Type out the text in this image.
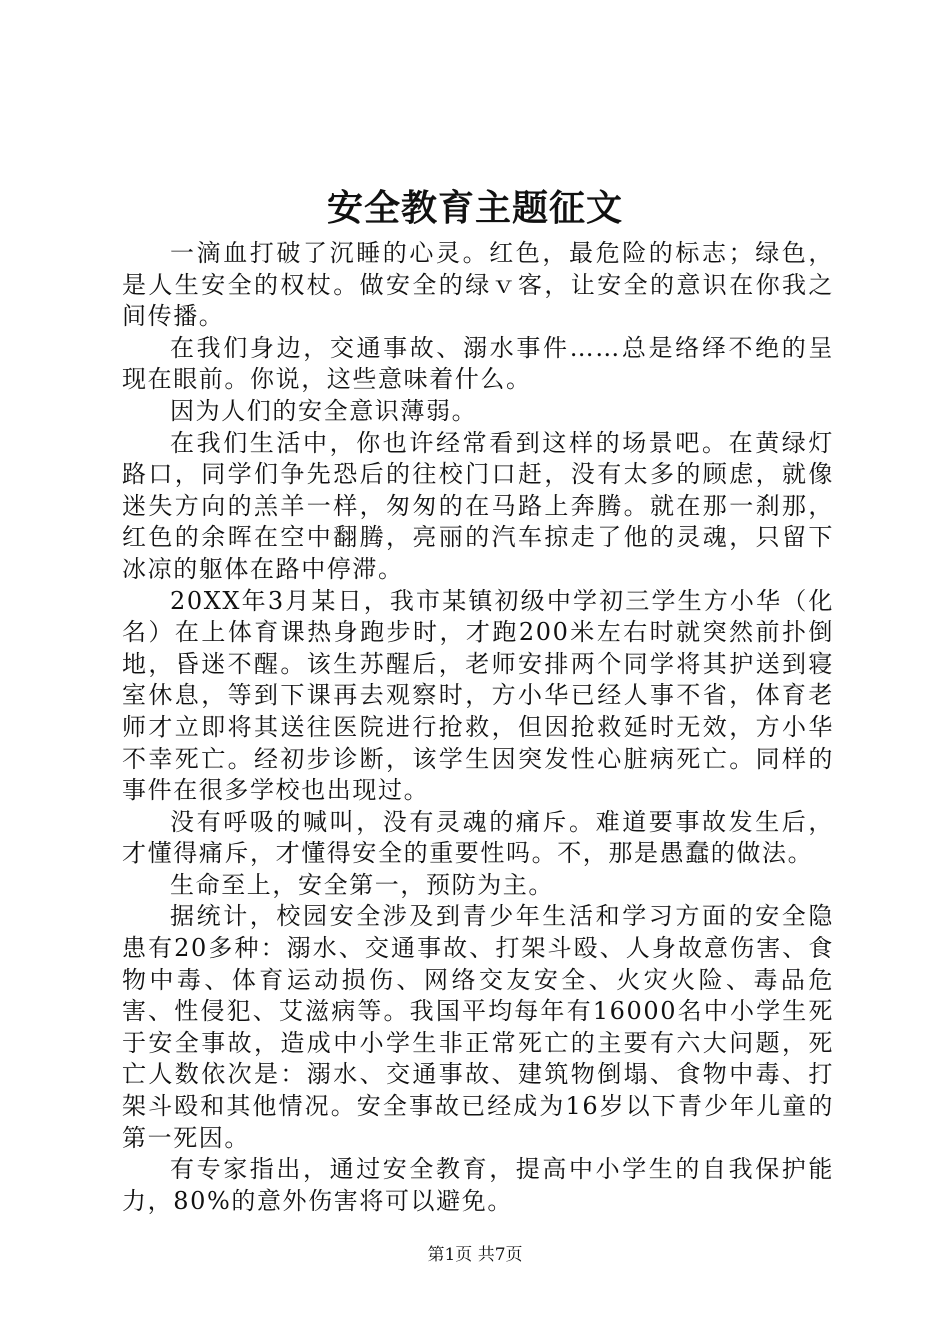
安全教育主题征文

一滴血打破了沉睡的心灵。红色，最危险的标志；绿色，是人生安全的权杖。做安全的绿ｖ客，让安全的意识在你我之间传播。

在我们身边，交通事故、溺水事件……总是络绎不绝的呈现在眼前。你说，这些意味着什么。

因为人们的安全意识薄弱。

在我们生活中，你也许经常看到这样的场景吧。在黄绿灯路口，同学们争先恐后的往校门口赶，没有太多的顾虑，就像迷失方向的羔羊一样，匆匆的在马路上奔腾。就在那一刹那，红色的余晖在空中翻腾，亮丽的汽车掠走了他的灵魂，只留下冰凉的躯体在路中停滞。

20XX年3月某日，我市某镇初级中学初三学生方小华（化名）在上体育课热身跑步时，才跑200米左右时就突然前扑倒地，昏迷不醒。该生苏醒后，老师安排两个同学将其护送到寝室休息，等到下课再去观察时，方小华已经人事不省，体育老师才立即将其送往医院进行抢救，但因抢救延时无效，方小华不幸死亡。经初步诊断，该学生因突发性心脏病死亡。同样的事件在很多学校也出现过。

没有呼吸的喊叫，没有灵魂的痛斥。难道要事故发生后，才懂得痛斥，才懂得安全的重要性吗。不，那是愚蠢的做法。

生命至上，安全第一，预防为主。

据统计，校园安全涉及到青少年生活和学习方面的安全隐患有20多种：溺水、交通事故、打架斗殴、人身故意伤害、食物中毒、体育运动损伤、网络交友安全、火灾火险、毒品危害、性侵犯、艾滋病等。我国平均每年有16000名中小学生死于安全事故，造成中小学生非正常死亡的主要有六大问题，死亡人数依次是：溺水、交通事故、建筑物倒塌、食物中毒、打架斗殴和其他情况。安全事故已经成为16岁以下青少年儿童的第一死因。

有专家指出，通过安全教育，提高中小学生的自我保护能力，80%的意外伤害将可以避免。

第1页 共7页
